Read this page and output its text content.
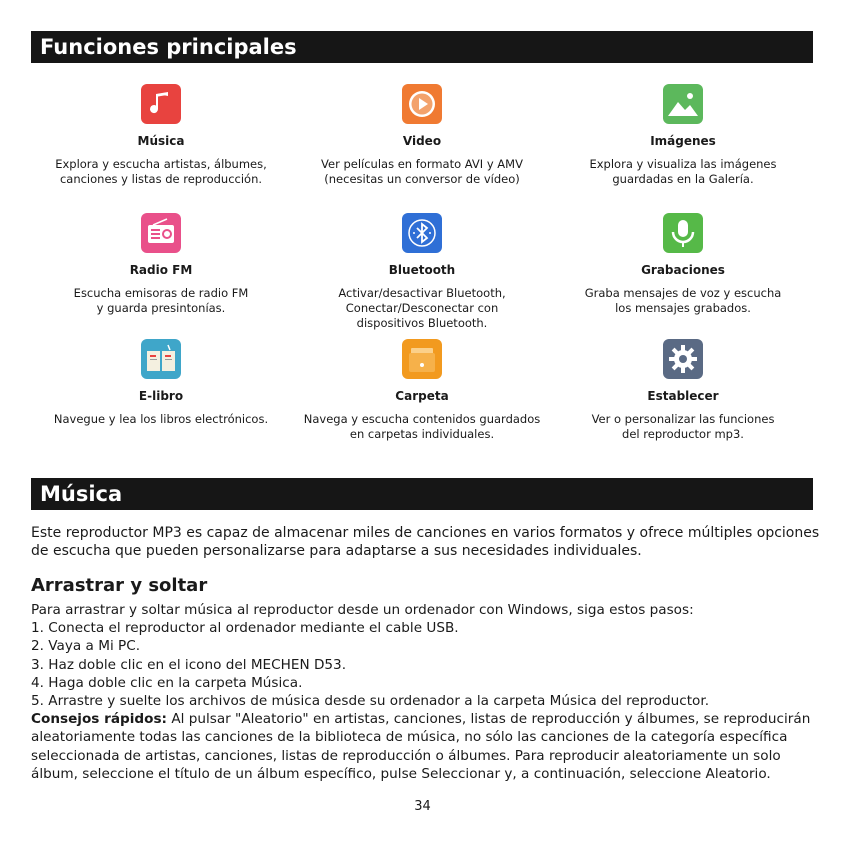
Funciones principales
Música
Explora y escucha artistas, álbumes,
canciones y listas de reproducción.
Video
Ver películas en formato AVI y AMV
(necesitas un conversor de vídeo)
Imágenes
Explora y visualiza las imágenes
guardadas en la Galería.
Radio FM
Escucha emisoras de radio FM
y guarda presintonías.
Bluetooth
Activar/desactivar Bluetooth,
Conectar/Desconectar con
dispositivos Bluetooth.
Grabaciones
Graba mensajes de voz y escucha
los mensajes grabados.
E-libro
Navegue y lea los libros electrónicos.
Carpeta
Navega y escucha contenidos guardados
en carpetas individuales.
Establecer
Ver o personalizar las funciones
del reproductor mp3.
Música
Este reproductor MP3 es capaz de almacenar miles de canciones en varios formatos y ofrece múltiples opciones de escucha que pueden personalizarse para adaptarse a sus necesidades individuales.
Arrastrar y soltar
Para arrastrar y soltar música al reproductor desde un ordenador con Windows, siga estos pasos:
1. Conecta el reproductor al ordenador mediante el cable USB.
2. Vaya a Mi PC.
3. Haz doble clic en el icono del MECHEN D53.
4. Haga doble clic en la carpeta Música.
5. Arrastre y suelte los archivos de música desde su ordenador a la carpeta Música del reproductor.

Consejos rápidos: Al pulsar "Aleatorio" en artistas, canciones, listas de reproducción y álbumes, se reproducirán aleatoriamente todas las canciones de la biblioteca de música, no sólo las canciones de la categoría específica seleccionada de artistas, canciones, listas de reproducción o álbumes. Para reproducir aleatoriamente un solo álbum, seleccione el título de un álbum específico, pulse Seleccionar y, a continuación, seleccione Aleatorio.

34
